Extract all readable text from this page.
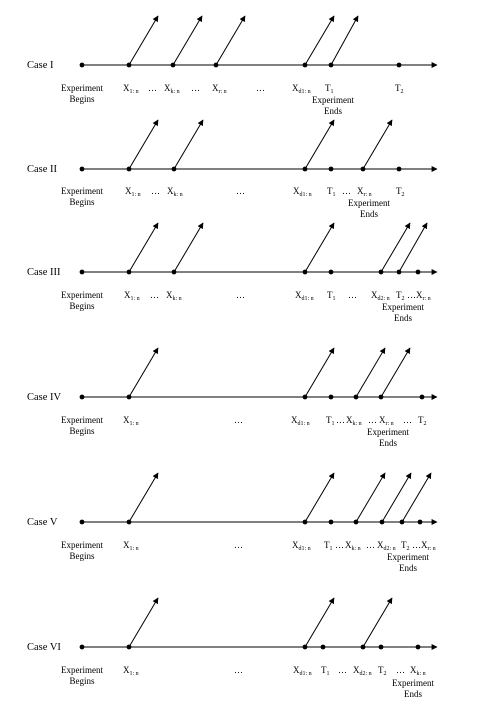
Case I
Experiment Begins
$X_{1: n}$ … $X_{k: n}$ … $X_{r: n}$	…	$X_{d1: n}$ $T_1$	$T_2$
Experiment Ends
Case II
Experiment Begins
$X_{1: n}$ … $X_{k: n}$	…	$X_{d1: n}$ $T_1$ … $X_{r: n}$	$T_2$
Experiment Ends
Case III
Experiment Begins
$X_{1: n}$ … $X_{k: n}$	…	$X_{d1: n}$ $T_1$ … $X_{d2: n}$ $T_2$ … $X_{r: n}$
Experiment Ends
Case IV
Experiment Begins
$X_{1: n}$	…	$X_{d1: n}$ $T_1$ … $X_{k: n}$ … $X_{r: n}$ … $T_2$
Experiment Ends
Case V
Experiment Begins
$X_{1: n}$	…	$X_{d1: n}$ $T_1$ … $X_{k: n}$ … $X_{d2: n}$ $T_2$ … $X_{r: n}$
Experiment Ends
Case VI
Experiment Begins
$X_{1: n}$	…	$X_{d1: n}$ $T_1$ … $X_{d2: n}$ $T_2$ … $X_{k: n}$
Experiment Ends
